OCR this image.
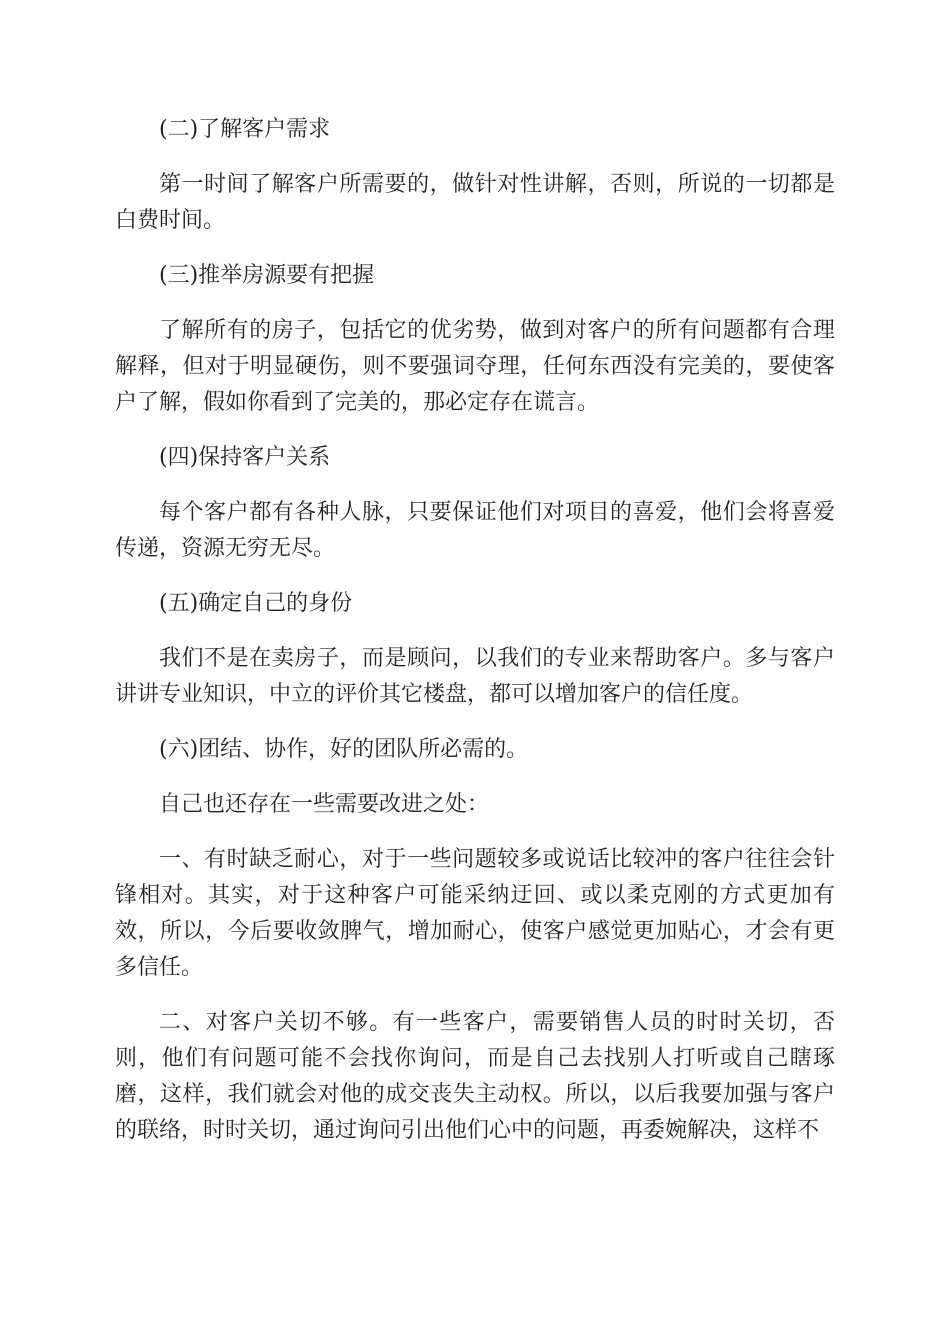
(二)了解客户需求

第一时间了解客户所需要的，做针对性讲解，否则，所说的一切都是白费时间。

(三)推举房源要有把握

了解所有的房子，包括它的优劣势，做到对客户的所有问题都有合理解释，但对于明显硬伤，则不要强词夺理，任何东西没有完美的，要使客户了解，假如你看到了完美的，那必定存在谎言。

(四)保持客户关系

每个客户都有各种人脉，只要保证他们对项目的喜爱，他们会将喜爱传递，资源无穷无尽。

(五)确定自己的身份

我们不是在卖房子，而是顾问，以我们的专业来帮助客户。多与客户讲讲专业知识，中立的评价其它楼盘，都可以增加客户的信任度。

(六)团结、协作，好的团队所必需的。

自己也还存在一些需要改进之处：

一、有时缺乏耐心，对于一些问题较多或说话比较冲的客户往往会针锋相对。其实，对于这种客户可能采纳迂回、或以柔克刚的方式更加有效，所以，今后要收敛脾气，增加耐心，使客户感觉更加贴心，才会有更多信任。

二、对客户关切不够。有一些客户，需要销售人员的时时关切，否则，他们有问题可能不会找你询问，而是自己去找别人打听或自己瞎琢磨，这样，我们就会对他的成交丧失主动权。所以，以后我要加强与客户的联络，时时关切，通过询问引出他们心中的问题，再委婉解决，这样不
